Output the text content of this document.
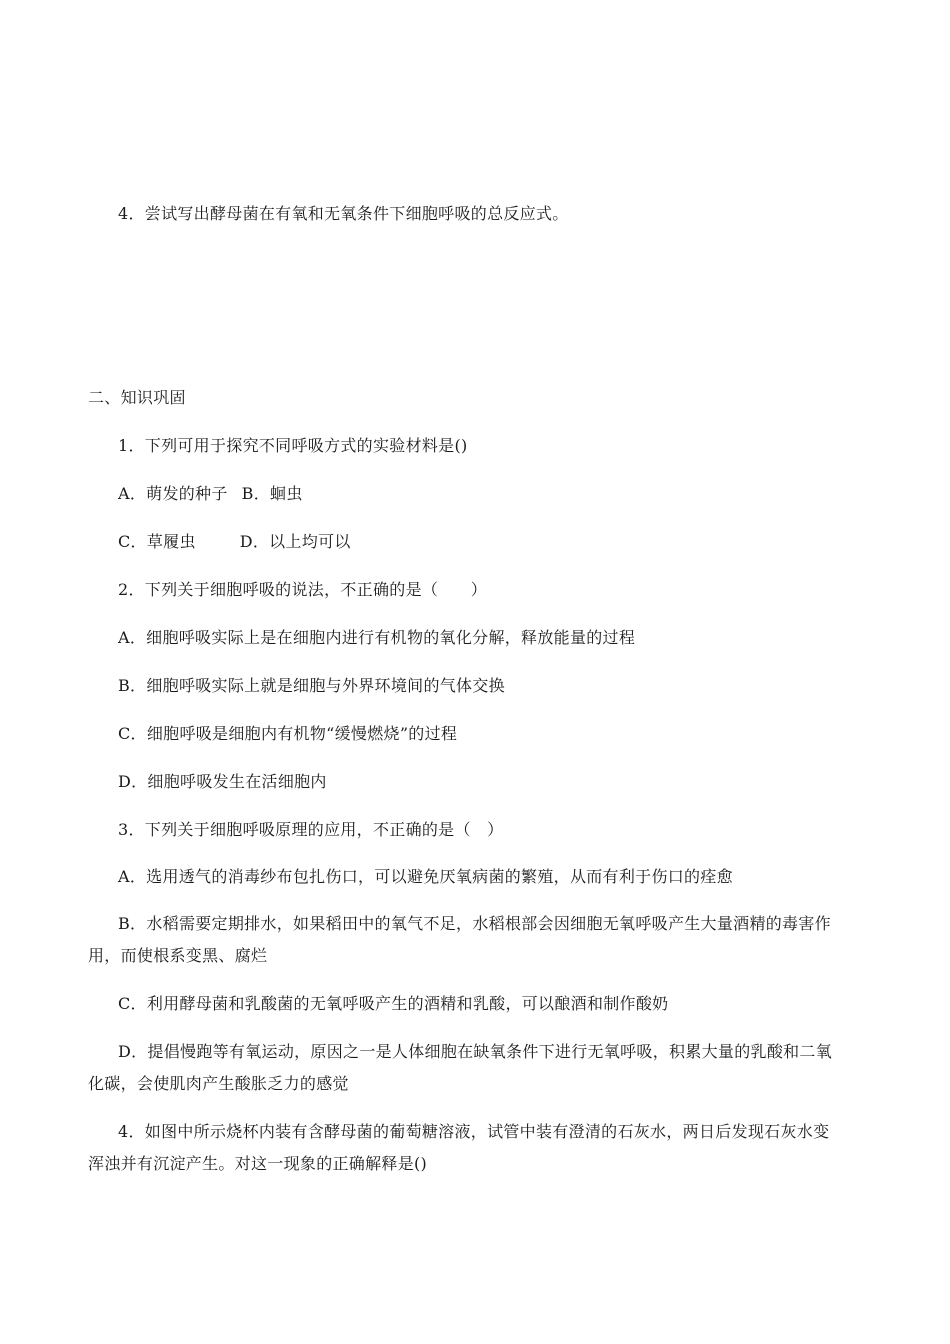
4．尝试写出酵母菌在有氧和无氧条件下细胞呼吸的总反应式。
二、知识巩固
1．下列可用于探究不同呼吸方式的实验材料是()
A．萌发的种子 B．蛔虫
C．草履虫	D．以上均可以
2．下列关于细胞呼吸的说法，不正确的是（　　）
A．细胞呼吸实际上是在细胞内进行有机物的氧化分解，释放能量的过程
B．细胞呼吸实际上就是细胞与外界环境间的气体交换
C．细胞呼吸是细胞内有机物“缓慢燃烧”的过程
D．细胞呼吸发生在活细胞内
3．下列关于细胞呼吸原理的应用，不正确的是（　）
A．选用透气的消毒纱布包扎伤口，可以避免厌氧病菌的繁殖，从而有利于伤口的痊愈
B．水稻需要定期排水，如果稻田中的氧气不足，水稻根部会因细胞无氧呼吸产生大量酒精的毒害作
用，而使根系变黑、腐烂
C．利用酵母菌和乳酸菌的无氧呼吸产生的酒精和乳酸，可以酿酒和制作酸奶
D．提倡慢跑等有氧运动，原因之一是人体细胞在缺氧条件下进行无氧呼吸，积累大量的乳酸和二氧
化碳，会使肌肉产生酸胀乏力的感觉
4．如图中所示烧杯内装有含酵母菌的葡萄糖溶液，试管中装有澄清的石灰水，两日后发现石灰水变
浑浊并有沉淀产生。对这一现象的正确解释是()
